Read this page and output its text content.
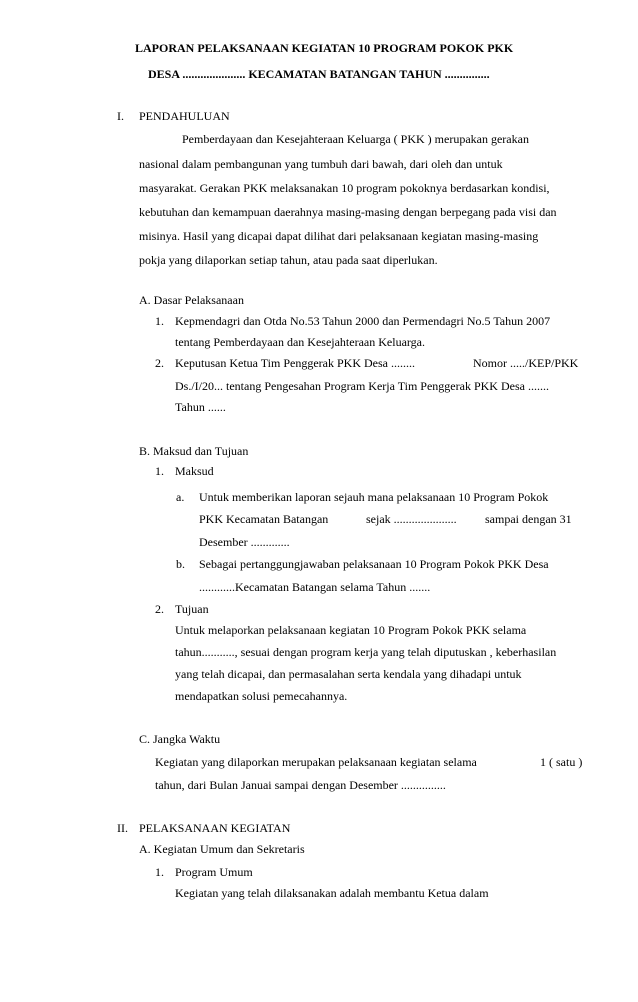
LAPORAN PELAKSANAAN KEGIATAN 10 PROGRAM POKOK PKK
DESA ..................... KECAMATAN BATANGAN TAHUN ...............
I. PENDAHULUAN
Pemberdayaan dan Kesejahteraan Keluarga ( PKK ) merupakan gerakan
nasional dalam pembangunan yang tumbuh dari bawah, dari oleh dan untuk
masyarakat. Gerakan PKK melaksanakan 10 program pokoknya berdasarkan kondisi,
kebutuhan dan kemampuan daerahnya masing-masing dengan berpegang pada visi dan
misinya. Hasil yang dicapai dapat dilihat dari pelaksanaan kegiatan masing-masing
pokja yang dilaporkan setiap tahun, atau pada saat diperlukan.
A. Dasar Pelaksanaan
1. Kepmendagri dan Otda No.53 Tahun 2000 dan Permendagri No.5 Tahun 2007
tentang Pemberdayaan dan Kesejahteraan Keluarga.
2. Keputusan Ketua Tim Penggerak PKK Desa ........	Nomor ...../KEP/PKK
Ds./I/20... tentang Pengesahan Program Kerja Tim Penggerak PKK Desa .......
Tahun ......
B. Maksud dan Tujuan
1. Maksud
a. Untuk memberikan laporan sejauh mana pelaksanaan 10 Program Pokok
PKK Kecamatan Batangan	sejak ..................... sampai dengan 31
Desember .............
b. Sebagai pertanggungjawaban pelaksanaan 10 Program Pokok PKK Desa
............Kecamatan Batangan selama Tahun .......
2. Tujuan
Untuk melaporkan pelaksanaan kegiatan 10 Program Pokok PKK selama
tahun..........., sesuai dengan program kerja yang telah diputuskan , keberhasilan
yang telah dicapai, dan permasalahan serta kendala yang dihadapi untuk
mendapatkan solusi pemecahannya.
C. Jangka Waktu
Kegiatan yang dilaporkan merupakan pelaksanaan kegiatan selama	1 ( satu )
tahun, dari Bulan Januai sampai dengan Desember ...............
II. PELAKSANAAN KEGIATAN
A. Kegiatan Umum dan Sekretaris
1. Program Umum
Kegiatan yang telah dilaksanakan adalah membantu Ketua dalam
